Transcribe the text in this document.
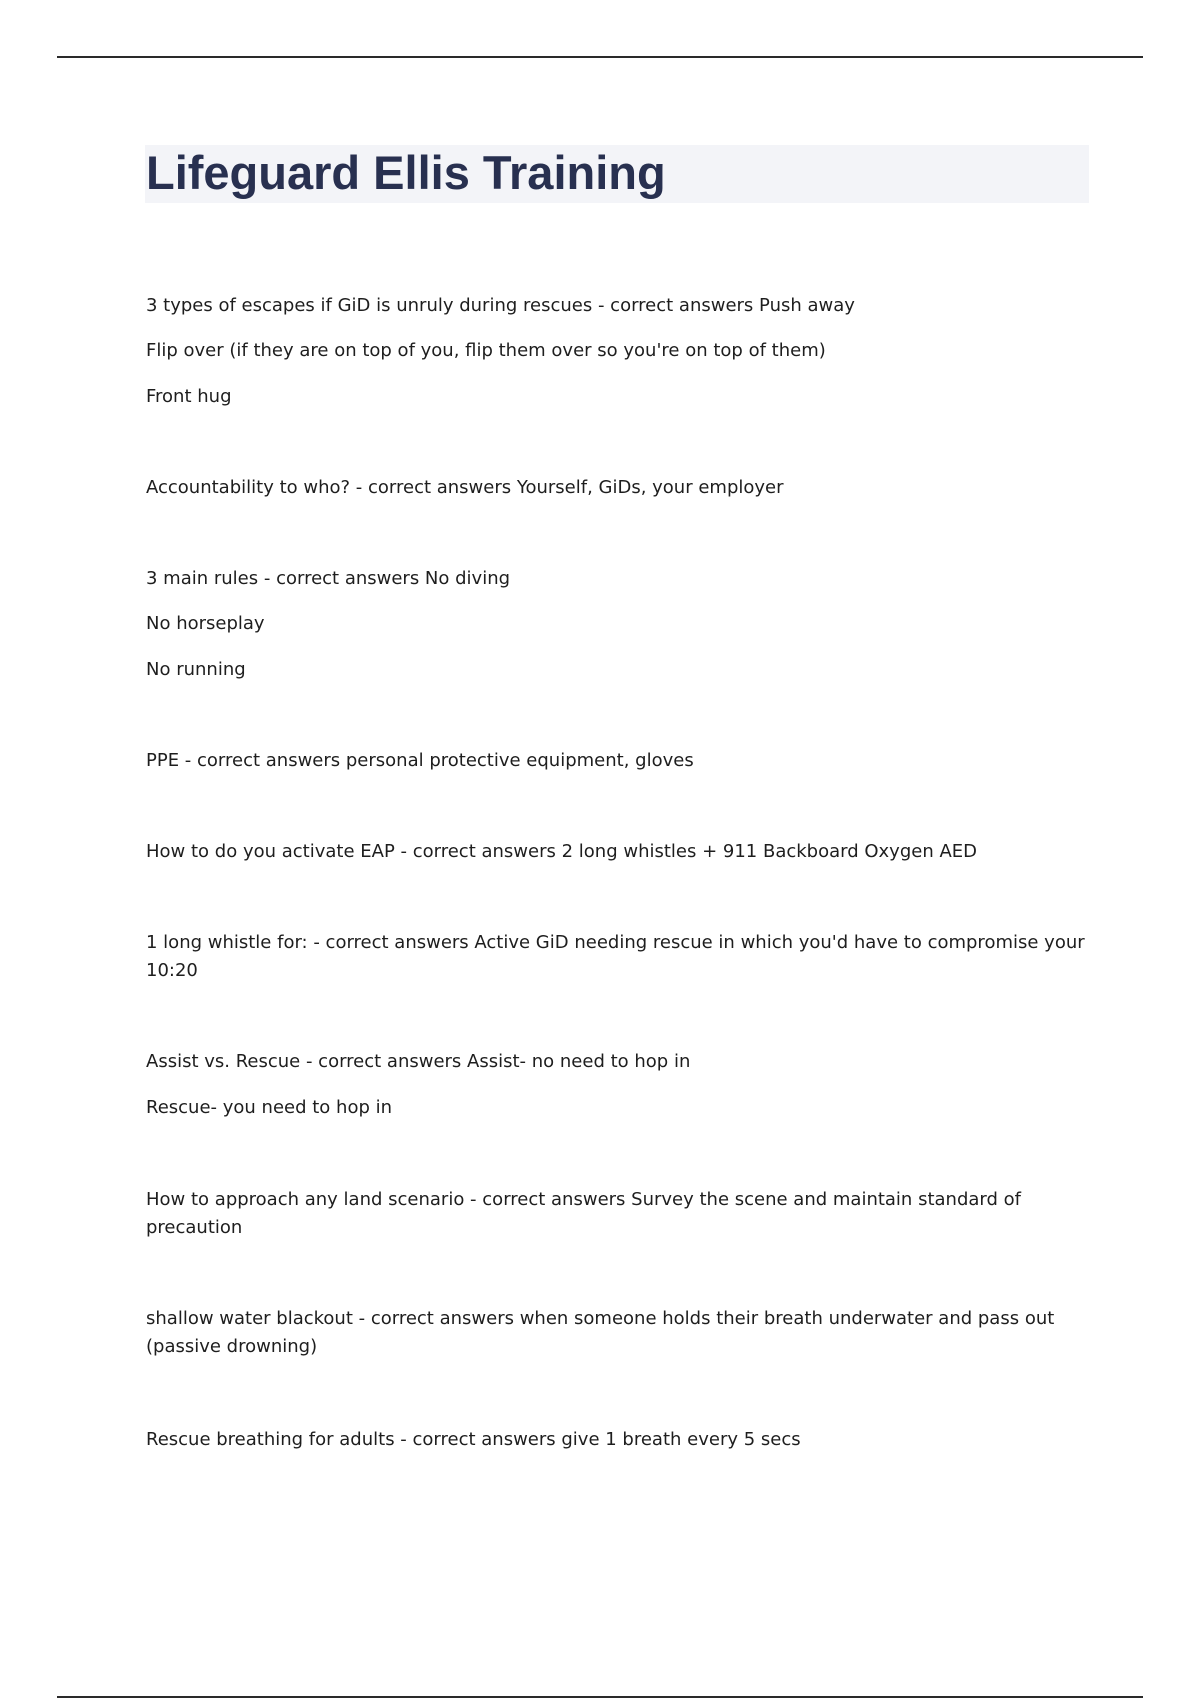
Lifeguard Ellis Training

3 types of escapes if GiD is unruly during rescues - correct answers Push away

Flip over (if they are on top of you, flip them over so you're on top of them)

Front hug

Accountability to who? - correct answers Yourself, GiDs, your employer

3 main rules - correct answers No diving

No horseplay

No running

PPE - correct answers personal protective equipment, gloves

How to do you activate EAP - correct answers 2 long whistles + 911 Backboard Oxygen AED

1 long whistle for: - correct answers Active GiD needing rescue in which you'd have to compromise your 10:20

Assist vs. Rescue - correct answers Assist- no need to hop in

Rescue- you need to hop in

How to approach any land scenario - correct answers Survey the scene and maintain standard of precaution

shallow water blackout - correct answers when someone holds their breath underwater and pass out (passive drowning)

Rescue breathing for adults - correct answers give 1 breath every 5 secs
